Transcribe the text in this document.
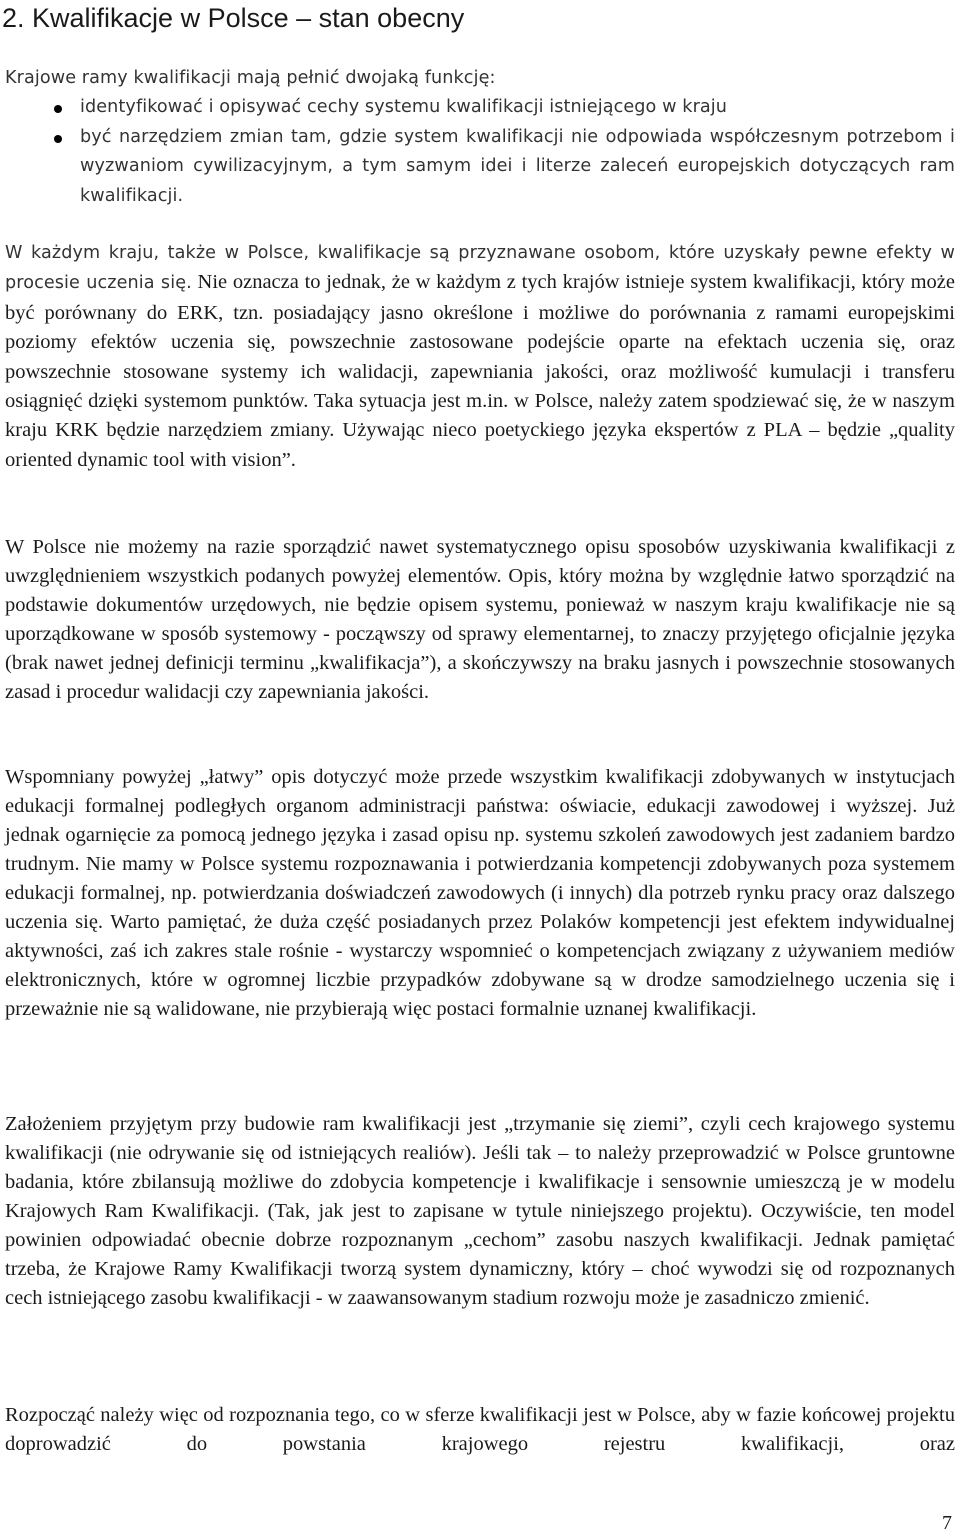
2. Kwalifikacje w Polsce – stan obecny

Krajowe ramy kwalifikacji mają pełnić dwojaką funkcję:

identyfikować i opisywać cechy systemu kwalifikacji istniejącego w kraju
być narzędziem zmian tam, gdzie system kwalifikacji nie odpowiada współczesnym potrzebom i wyzwaniom cywilizacyjnym, a tym samym idei i literze zaleceń europejskich dotyczących ram kwalifikacji.

W każdym kraju, także w Polsce, kwalifikacje są przyznawane osobom, które uzyskały pewne efekty w procesie uczenia się. Nie oznacza to jednak, że w każdym z tych krajów istnieje system kwalifikacji, który może być porównany do ERK, tzn. posiadający jasno określone i możliwe do porównania z ramami europejskimi poziomy efektów uczenia się, powszechnie zastosowane podejście oparte na efektach uczenia się, oraz powszechnie stosowane systemy ich walidacji, zapewniania jakości, oraz możliwość kumulacji i transferu osiągnięć dzięki systemom punktów. Taka sytuacja jest m.in. w Polsce, należy zatem spodziewać się, że w naszym kraju KRK będzie narzędziem zmiany. Używając nieco poetyckiego języka ekspertów z PLA – będzie „quality oriented dynamic tool with vision”.

W Polsce nie możemy na razie sporządzić nawet systematycznego opisu sposobów uzyskiwania kwalifikacji z uwzględnieniem wszystkich podanych powyżej elementów. Opis, który można by względnie łatwo sporządzić na podstawie dokumentów urzędowych, nie będzie opisem systemu, ponieważ w naszym kraju kwalifikacje nie są uporządkowane w sposób systemowy - począwszy od sprawy elementarnej, to znaczy przyjętego oficjalnie języka (brak nawet jednej definicji terminu „kwalifikacja”), a skończywszy na braku jasnych i powszechnie stosowanych zasad i procedur walidacji czy zapewniania jakości.

Wspomniany powyżej „łatwy” opis dotyczyć może przede wszystkim kwalifikacji zdobywanych w instytucjach edukacji formalnej podległych organom administracji państwa: oświacie, edukacji zawodowej i wyższej. Już jednak ogarnięcie za pomocą jednego języka i zasad opisu np. systemu szkoleń zawodowych jest zadaniem bardzo trudnym. Nie mamy w Polsce systemu rozpoznawania i potwierdzania kompetencji zdobywanych poza systemem edukacji formalnej, np. potwierdzania doświadczeń zawodowych (i innych) dla potrzeb rynku pracy oraz dalszego uczenia się. Warto pamiętać, że duża część posiadanych przez Polaków kompetencji jest efektem indywidualnej aktywności, zaś ich zakres stale rośnie - wystarczy wspomnieć o kompetencjach związany z używaniem mediów elektronicznych, które w ogromnej liczbie przypadków zdobywane są w drodze samodzielnego uczenia się i przeważnie nie są walidowane, nie przybierają więc postaci formalnie uznanej kwalifikacji.

Założeniem przyjętym przy budowie ram kwalifikacji jest „trzymanie się ziemi”, czyli cech krajowego systemu kwalifikacji (nie odrywanie się od istniejących realiów). Jeśli tak – to należy przeprowadzić w Polsce gruntowne badania, które zbilansują możliwe do zdobycia kompetencje i kwalifikacje i sensownie umieszczą je w modelu Krajowych Ram Kwalifikacji. (Tak, jak jest to zapisane w tytule niniejszego projektu). Oczywiście, ten model powinien odpowiadać obecnie dobrze rozpoznanym „cechom” zasobu naszych kwalifikacji. Jednak pamiętać trzeba, że Krajowe Ramy Kwalifikacji tworzą system dynamiczny, który – choć wywodzi się od rozpoznanych cech istniejącego zasobu kwalifikacji - w zaawansowanym stadium rozwoju może je zasadniczo zmienić.

Rozpocząć należy więc od rozpoznania tego, co w sferze kwalifikacji jest w Polsce, aby w fazie końcowej projektu doprowadzić do powstania krajowego rejestru kwalifikacji, oraz

7
